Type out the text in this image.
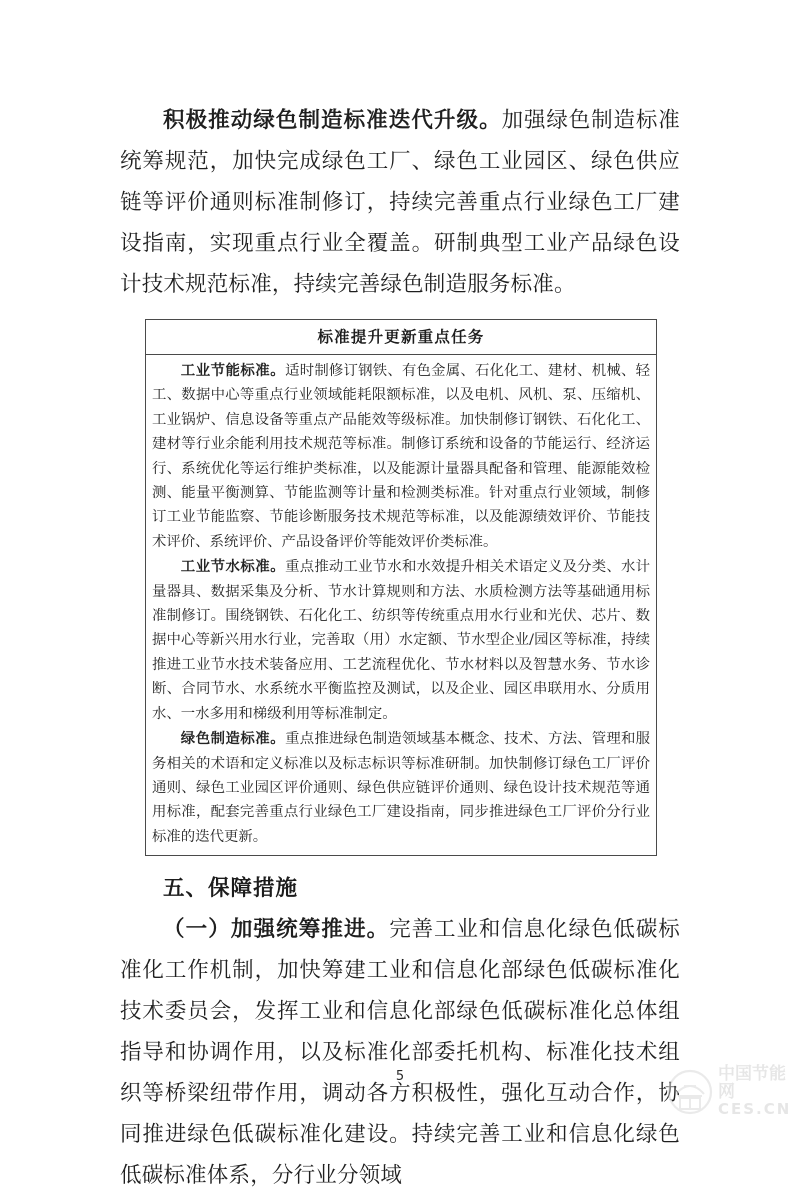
积极推动绿色制造标准迭代升级。加强绿色制造标准统筹规范，加快完成绿色工厂、绿色工业园区、绿色供应链等评价通则标准制修订，持续完善重点行业绿色工厂建设指南，实现重点行业全覆盖。研制典型工业产品绿色设计技术规范标准，持续完善绿色制造服务标准。

标准提升更新重点任务

工业节能标准。适时制修订钢铁、有色金属、石化化工、建材、机械、轻工、数据中心等重点行业领域能耗限额标准，以及电机、风机、泵、压缩机、工业锅炉、信息设备等重点产品能效等级标准。加快制修订钢铁、石化化工、建材等行业余能利用技术规范等标准。制修订系统和设备的节能运行、经济运行、系统优化等运行维护类标准，以及能源计量器具配备和管理、能源能效检测、能量平衡测算、节能监测等计量和检测类标准。针对重点行业领域，制修订工业节能监察、节能诊断服务技术规范等标准，以及能源绩效评价、节能技术评价、系统评价、产品设备评价等能效评价类标准。

工业节水标准。重点推动工业节水和水效提升相关术语定义及分类、水计量器具、数据采集及分析、节水计算规则和方法、水质检测方法等基础通用标准制修订。围绕钢铁、石化化工、纺织等传统重点用水行业和光伏、芯片、数据中心等新兴用水行业，完善取（用）水定额、节水型企业/园区等标准，持续推进工业节水技术装备应用、工艺流程优化、节水材料以及智慧水务、节水诊断、合同节水、水系统水平衡监控及测试，以及企业、园区串联用水、分质用水、一水多用和梯级利用等标准制定。

绿色制造标准。重点推进绿色制造领域基本概念、技术、方法、管理和服务相关的术语和定义标准以及标志标识等标准研制。加快制修订绿色工厂评价通则、绿色工业园区评价通则、绿色供应链评价通则、绿色设计技术规范等通用标准，配套完善重点行业绿色工厂建设指南，同步推进绿色工厂评价分行业标准的迭代更新。

五、保障措施

（一）加强统筹推进。完善工业和信息化绿色低碳标准化工作机制，加快筹建工业和信息化部绿色低碳标准化技术委员会，发挥工业和信息化部绿色低碳标准化总体组指导和协调作用，以及标准化部委托机构、标准化技术组织等桥梁纽带作用，调动各方积极性，强化互动合作，协同推进绿色低碳标准化建设。持续完善工业和信息化绿色低碳标准体系，分行业分领域

5	中国节能网
CES.CN
